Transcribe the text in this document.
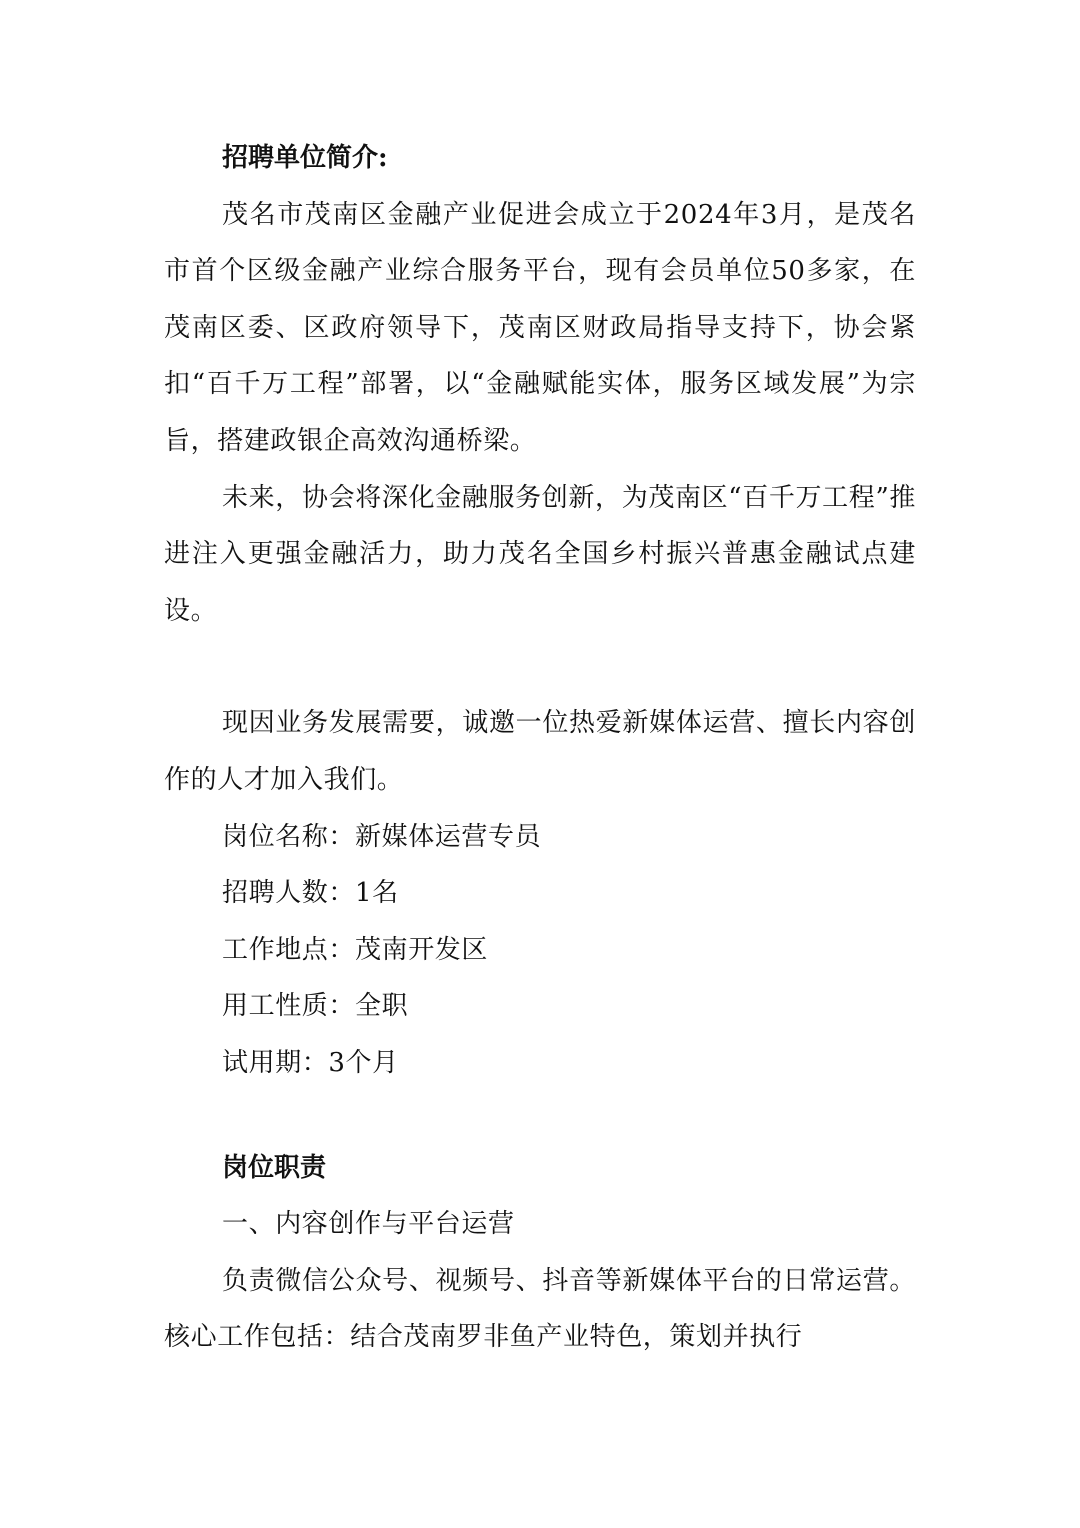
招聘单位简介:

茂名市茂南区金融产业促进会成立于2024年3月，是茂名市首个区级金融产业综合服务平台，现有会员单位50多家，在茂南区委、区政府领导下，茂南区财政局指导支持下，协会紧扣“百千万工程”部署，以“金融赋能实体，服务区域发展”为宗旨，搭建政银企高效沟通桥梁。

未来，协会将深化金融服务创新，为茂南区“百千万工程”推进注入更强金融活力，助力茂名全国乡村振兴普惠金融试点建设。

现因业务发展需要，诚邀一位热爱新媒体运营、擅长内容创作的人才加入我们。

岗位名称：新媒体运营专员

招聘人数：1名

工作地点：茂南开发区

用工性质：全职

试用期：3个月

岗位职责

一、内容创作与平台运营

负责微信公众号、视频号、抖音等新媒体平台的日常运营。核心工作包括：结合茂南罗非鱼产业特色，策划并执行
